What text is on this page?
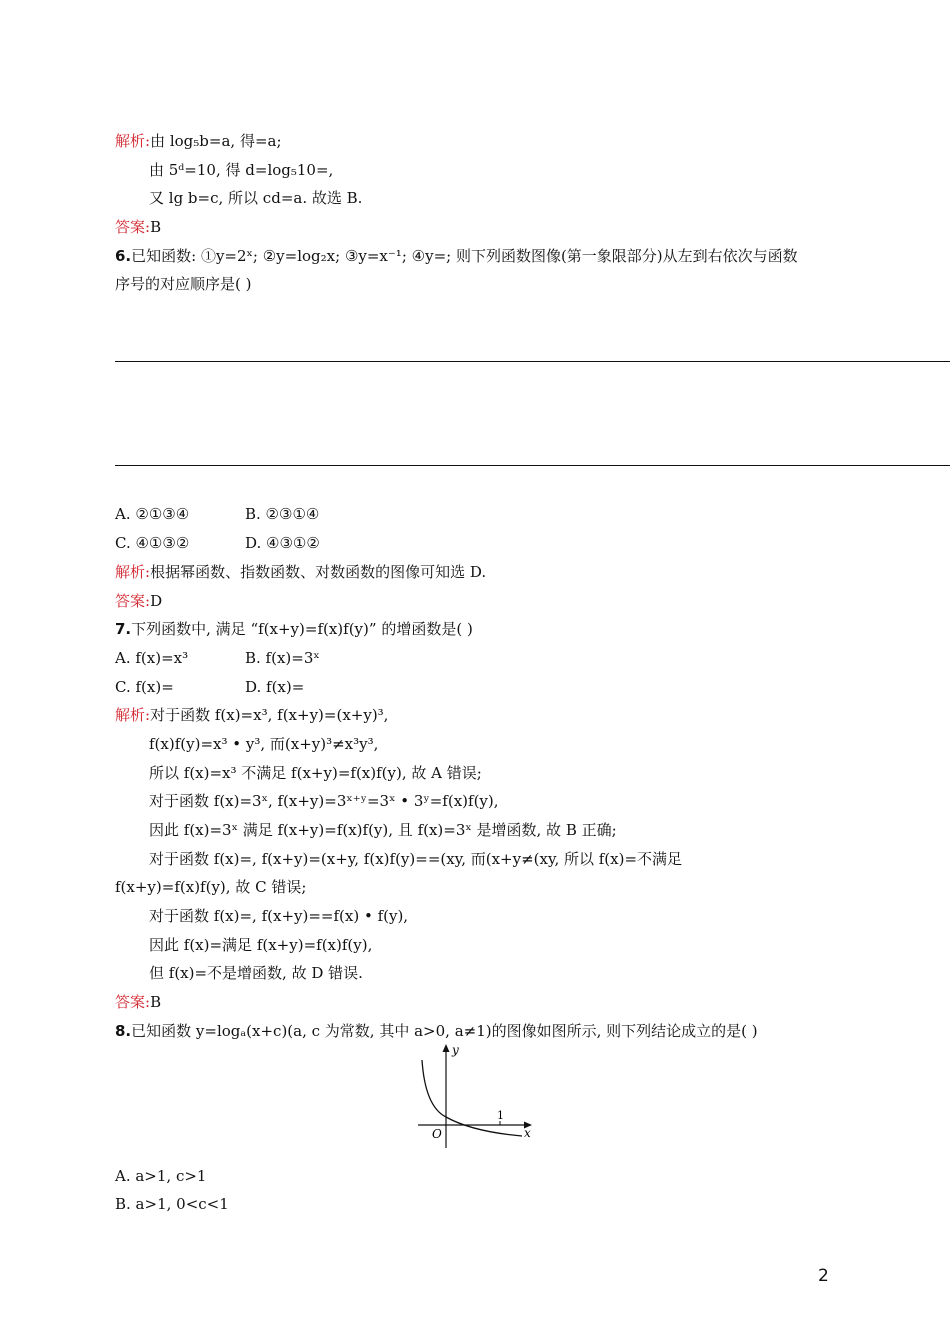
解析:由 log₅b=a, 得=a;
由 5ᵈ=10, 得 d=log₅10=,
又 lg b=c, 所以 cd=a. 故选 B.
答案:B
6.已知函数: ①y=2ˣ; ②y=log₂x; ③y=x⁻¹; ④y=; 则下列函数图像(第一象限部分)从左到右依次与函数
序号的对应顺序是( )
A. ②①③④	B. ②③①④
C. ④①③②	D. ④③①②
解析:根据幂函数、指数函数、对数函数的图像可知选 D.
答案:D
7.下列函数中, 满足 “f(x+y)=f(x)f(y)” 的增函数是( )
A. f(x)=x³	B. f(x)=3ˣ
C. f(x)=	D. f(x)=
解析:对于函数 f(x)=x³, f(x+y)=(x+y)³,
f(x)f(y)=x³ • y³, 而(x+y)³≠x³y³,
所以 f(x)=x³ 不满足 f(x+y)=f(x)f(y), 故 A 错误;
对于函数 f(x)=3ˣ, f(x+y)=3ˣ⁺ʸ=3ˣ • 3ʸ=f(x)f(y),
因此 f(x)=3ˣ 满足 f(x+y)=f(x)f(y), 且 f(x)=3ˣ 是增函数, 故 B 正确;
对于函数 f(x)=, f(x+y)=(x+y, f(x)f(y)==(xy, 而(x+y≠(xy, 所以 f(x)=不满足
f(x+y)=f(x)f(y), 故 C 错误;
对于函数 f(x)=, f(x+y)==f(x) • f(y),
因此 f(x)=满足 f(x+y)=f(x)f(y),
但 f(x)=不是增函数, 故 D 错误.
答案:B
8.已知函数 y=logₐ(x+c)(a, c 为常数, 其中 a>0, a≠1)的图像如图所示, 则下列结论成立的是( )
y
x
O
1
A. a>1, c>1
B. a>1, 0<c<1
2
